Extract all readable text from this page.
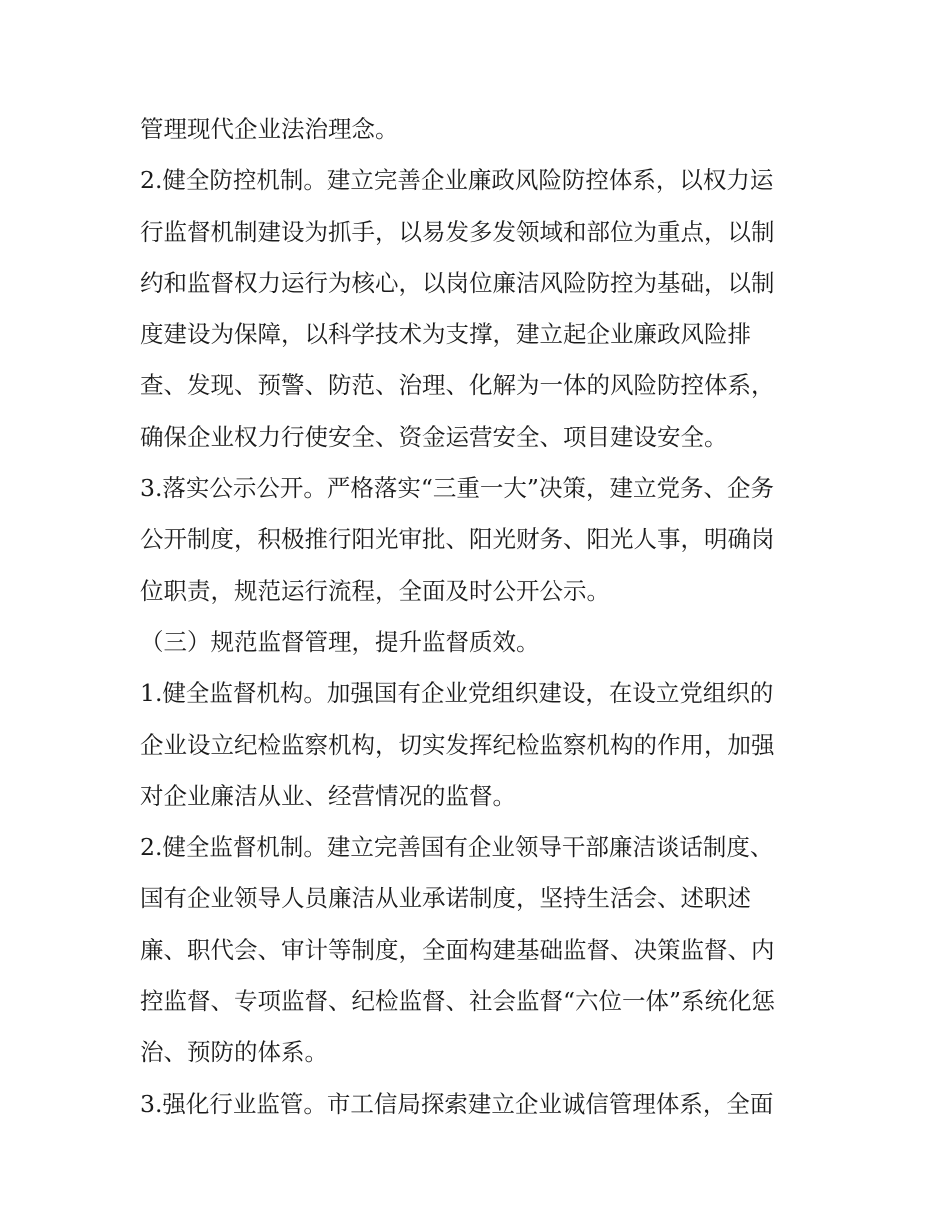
管理现代企业法治理念。
2.健全防控机制。建立完善企业廉政风险防控体系，以权力运
行监督机制建设为抓手，以易发多发领域和部位为重点，以制
约和监督权力运行为核心，以岗位廉洁风险防控为基础，以制
度建设为保障，以科学技术为支撑，建立起企业廉政风险排
查、发现、预警、防范、治理、化解为一体的风险防控体系，
确保企业权力行使安全、资金运营安全、项目建设安全。
3.落实公示公开。严格落实“三重一大”决策，建立党务、企务
公开制度，积极推行阳光审批、阳光财务、阳光人事，明确岗
位职责，规范运行流程，全面及时公开公示。
（三）规范监督管理，提升监督质效。
1.健全监督机构。加强国有企业党组织建设，在设立党组织的
企业设立纪检监察机构，切实发挥纪检监察机构的作用，加强
对企业廉洁从业、经营情况的监督。
2.健全监督机制。建立完善国有企业领导干部廉洁谈话制度、
国有企业领导人员廉洁从业承诺制度，坚持生活会、述职述
廉、职代会、审计等制度，全面构建基础监督、决策监督、内
控监督、专项监督、纪检监督、社会监督“六位一体”系统化惩
治、预防的体系。
3.强化行业监管。市工信局探索建立企业诚信管理体系，全面
